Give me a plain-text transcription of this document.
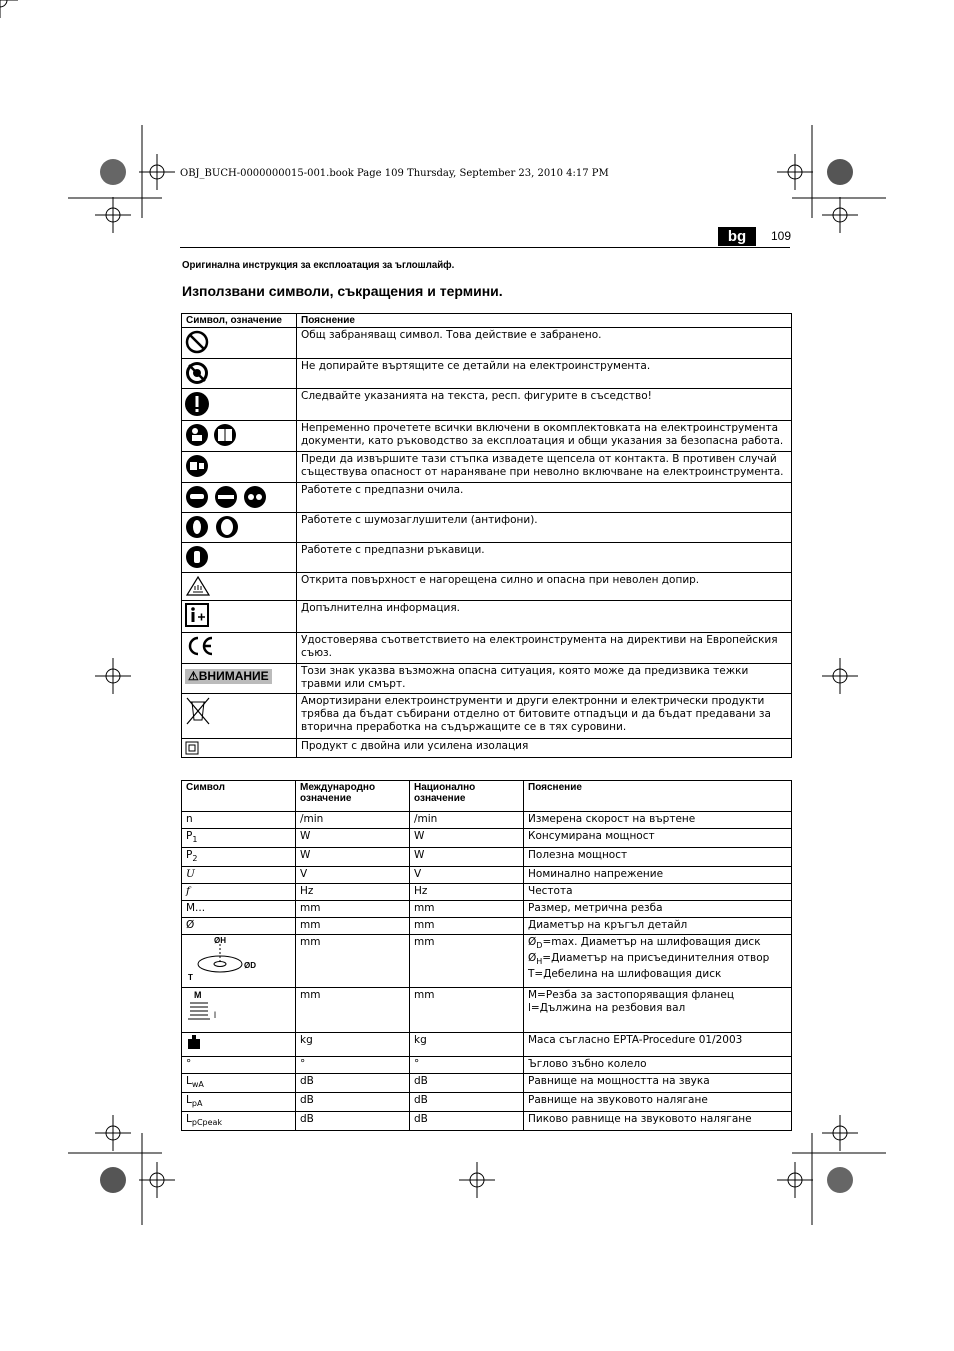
OBJ_BUCH-0000000015-001.book Page 109 Thursday, September 23, 2010 4:17 PM
bg	109
Оригинална инструкция за експлоатация за ъглошлайф.
Използвани символи, съкращения и термини.
Символ, означение	Пояснение
	Общ забраняващ символ. Това действие е забранено.
	Не допирайте въртящите се детайли на електроинструмента.
	Следвайте указанията на текста, респ. фигурите в съседство!
	Непременно прочетете всички включени в окомплектовката на електроинструмента документи, като ръководство за експлоатация и общи указания за безопасна работа.
	Преди да извършите тази стъпка извадете щепсела от контакта. В противен случай съществува опасност от нараняване при неволно включване на електроинструмента.
	Работете с предпазни очила.
	Работете с шумозаглушители (антифони).
	Работете с предпазни ръкавици.
	Открита повърхност е нагорещена силно и опасна при неволен допир.
	Допълнителна информация.
	Удостоверява съответствието на електроинструмента на директиви на Европейския съюз.
⚠ВНИМАНИЕ	Този знак указва възможна опасна ситуация, която може да предизвика тежки травми или смърт.
	Амортизирани електроинструменти и други електронни и електрически продукти трябва да бъдат събирани отделно от битовите отпадъци и да бъдат предавани за вторична преработка на съдържащите се в тях суровини.
	Продукт с двойна или усилена изолация
Символ	Международно означение	Национално означение	Пояснение
n	/min	/min	Измерена скорост на въртене
$P_1$	W	W	Консумирана мощност
$P_2$	W	W	Полезна мощност
U	V	V	Номинално напрежение
f	Hz	Hz	Честота
M...	mm	mm	Размер, метрична резба
Ø	mm	mm	Диаметър на кръгъл детайл

ØH
ØD
T	mm	mm	$Ø_D=\max$. Диаметър на шлифоващия диск
$Ø_H=Диаметър$ на присъединителния отвор
T=Дебелина на шлифоващия диск

M
l	mm	mm	M=Резба за застопоряващия фланец
l=Дължина на резбовия вал
	kg	kg	Маса съгласно EPTA-Procedure 01/2003
°	°	°	Ъглово зъбно колело
$L_{wA}$	dB	dB	Равнище на мощността на звука
$L_{pA}$	dB	dB	Равнище на звуковото налягане
$L_{pCpeak}$	dB	dB	Пиково равнище на звуковото налягане
